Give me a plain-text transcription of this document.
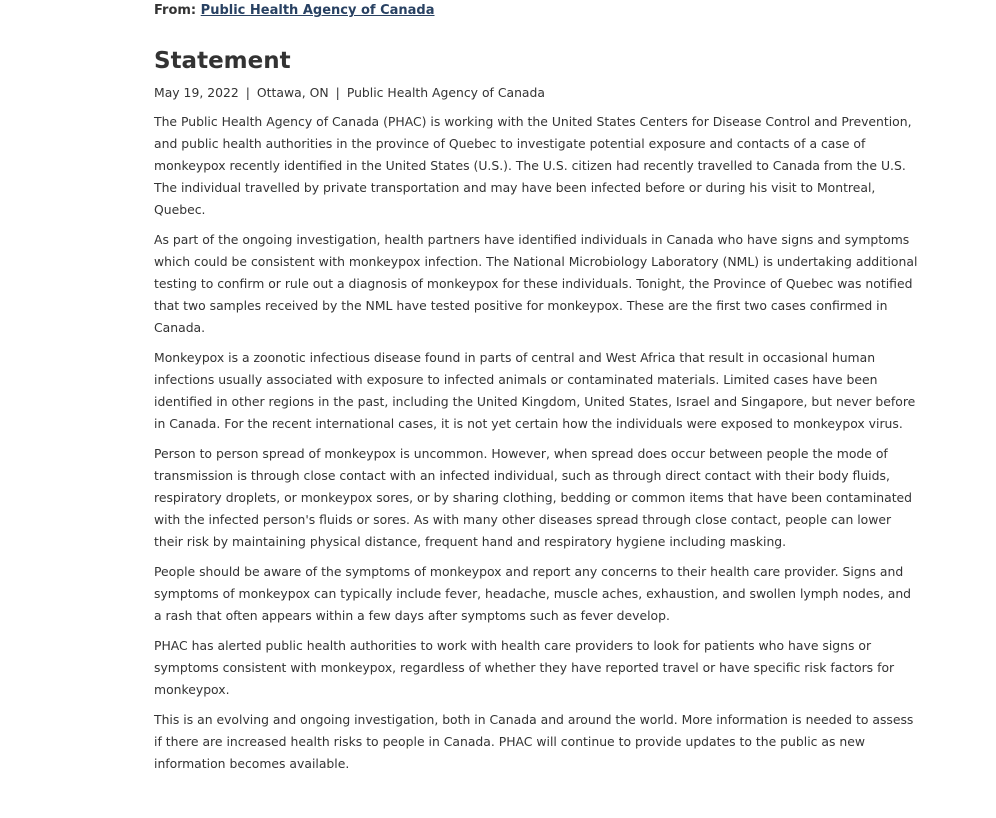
From: Public Health Agency of Canada
Statement
May 19, 2022 | Ottawa, ON | Public Health Agency of Canada

The Public Health Agency of Canada (PHAC) is working with the United States Centers for Disease Control and Prevention, and public health authorities in the province of Quebec to investigate potential exposure and contacts of a case of monkeypox recently identified in the United States (U.S.). The U.S. citizen had recently travelled to Canada from the U.S. The individual travelled by private transportation and may have been infected before or during his visit to Montreal, Quebec.

As part of the ongoing investigation, health partners have identified individuals in Canada who have signs and symptoms which could be consistent with monkeypox infection. The National Microbiology Laboratory (NML) is undertaking additional testing to confirm or rule out a diagnosis of monkeypox for these individuals. Tonight, the Province of Quebec was notified that two samples received by the NML have tested positive for monkeypox. These are the first two cases confirmed in Canada.

Monkeypox is a zoonotic infectious disease found in parts of central and West Africa that result in occasional human infections usually associated with exposure to infected animals or contaminated materials. Limited cases have been identified in other regions in the past, including the United Kingdom, United States, Israel and Singapore, but never before in Canada. For the recent international cases, it is not yet certain how the individuals were exposed to monkeypox virus.

Person to person spread of monkeypox is uncommon. However, when spread does occur between people the mode of transmission is through close contact with an infected individual, such as through direct contact with their body fluids, respiratory droplets, or monkeypox sores, or by sharing clothing, bedding or common items that have been contaminated with the infected person's fluids or sores. As with many other diseases spread through close contact, people can lower their risk by maintaining physical distance, frequent hand and respiratory hygiene including masking.

People should be aware of the symptoms of monkeypox and report any concerns to their health care provider. Signs and symptoms of monkeypox can typically include fever, headache, muscle aches, exhaustion, and swollen lymph nodes, and a rash that often appears within a few days after symptoms such as fever develop.

PHAC has alerted public health authorities to work with health care providers to look for patients who have signs or symptoms consistent with monkeypox, regardless of whether they have reported travel or have specific risk factors for monkeypox.

This is an evolving and ongoing investigation, both in Canada and around the world. More information is needed to assess if there are increased health risks to people in Canada. PHAC will continue to provide updates to the public as new information becomes available.
